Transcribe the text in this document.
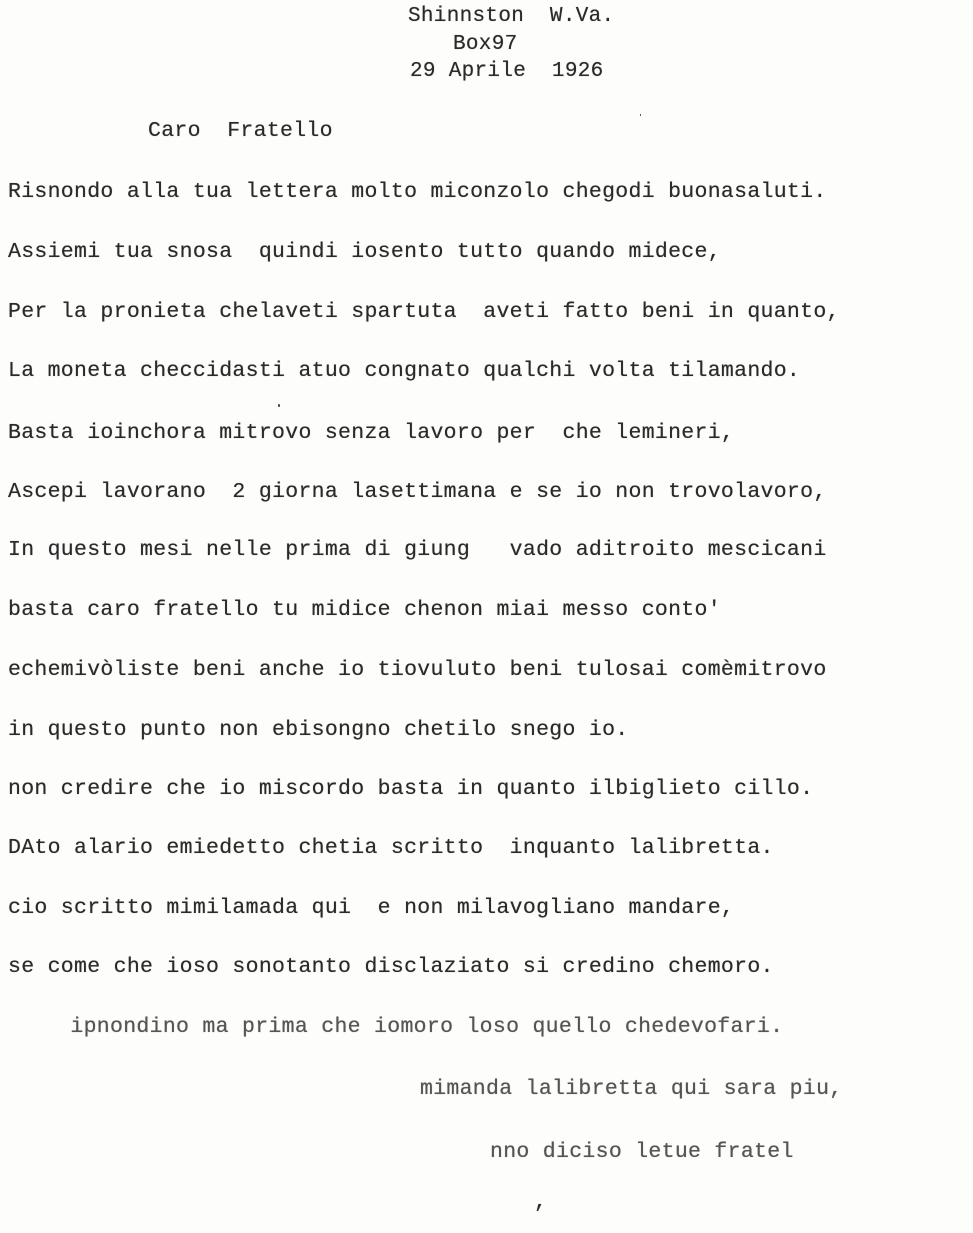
Shinnston  W.Va.
Box97
29 Aprile  1926
Caro  Fratello
Risnondo alla tua lettera molto miconzolo chegodi buonasaluti.
Assiemi tua snosa  quindi iosento tutto quando midece,
Per la pronieta chelaveti spartuta  aveti fatto beni in quanto,
La moneta checcidasti atuo congnato qualchi volta tilamando.
Basta ioinchora mitrovo senza lavoro per  che lemineri,
Ascepi lavorano  2 giorna lasettimana e se io non trovolavoro,
In questo mesi nelle prima di giung   vado aditroito mescicani
basta caro fratello tu midice chenon miai messo conto'
echemivòliste beni anche io tiovuluto beni tulosai comèmitrovo
in questo punto non ebisongno chetilo snego io.
non credire che io miscordo basta in quanto ilbiglieto cillo.
DAto alario emiedetto chetia scritto  inquanto lalibretta.
cio scritto mimilamada qui  e non milavogliano mandare,
se come che ioso sonotanto disclaziato si credino chemoro.
ipnondino ma prima che iomoro loso quello chedevofari.
mimanda lalibretta qui sara piu,
nno diciso letue fratel
,
